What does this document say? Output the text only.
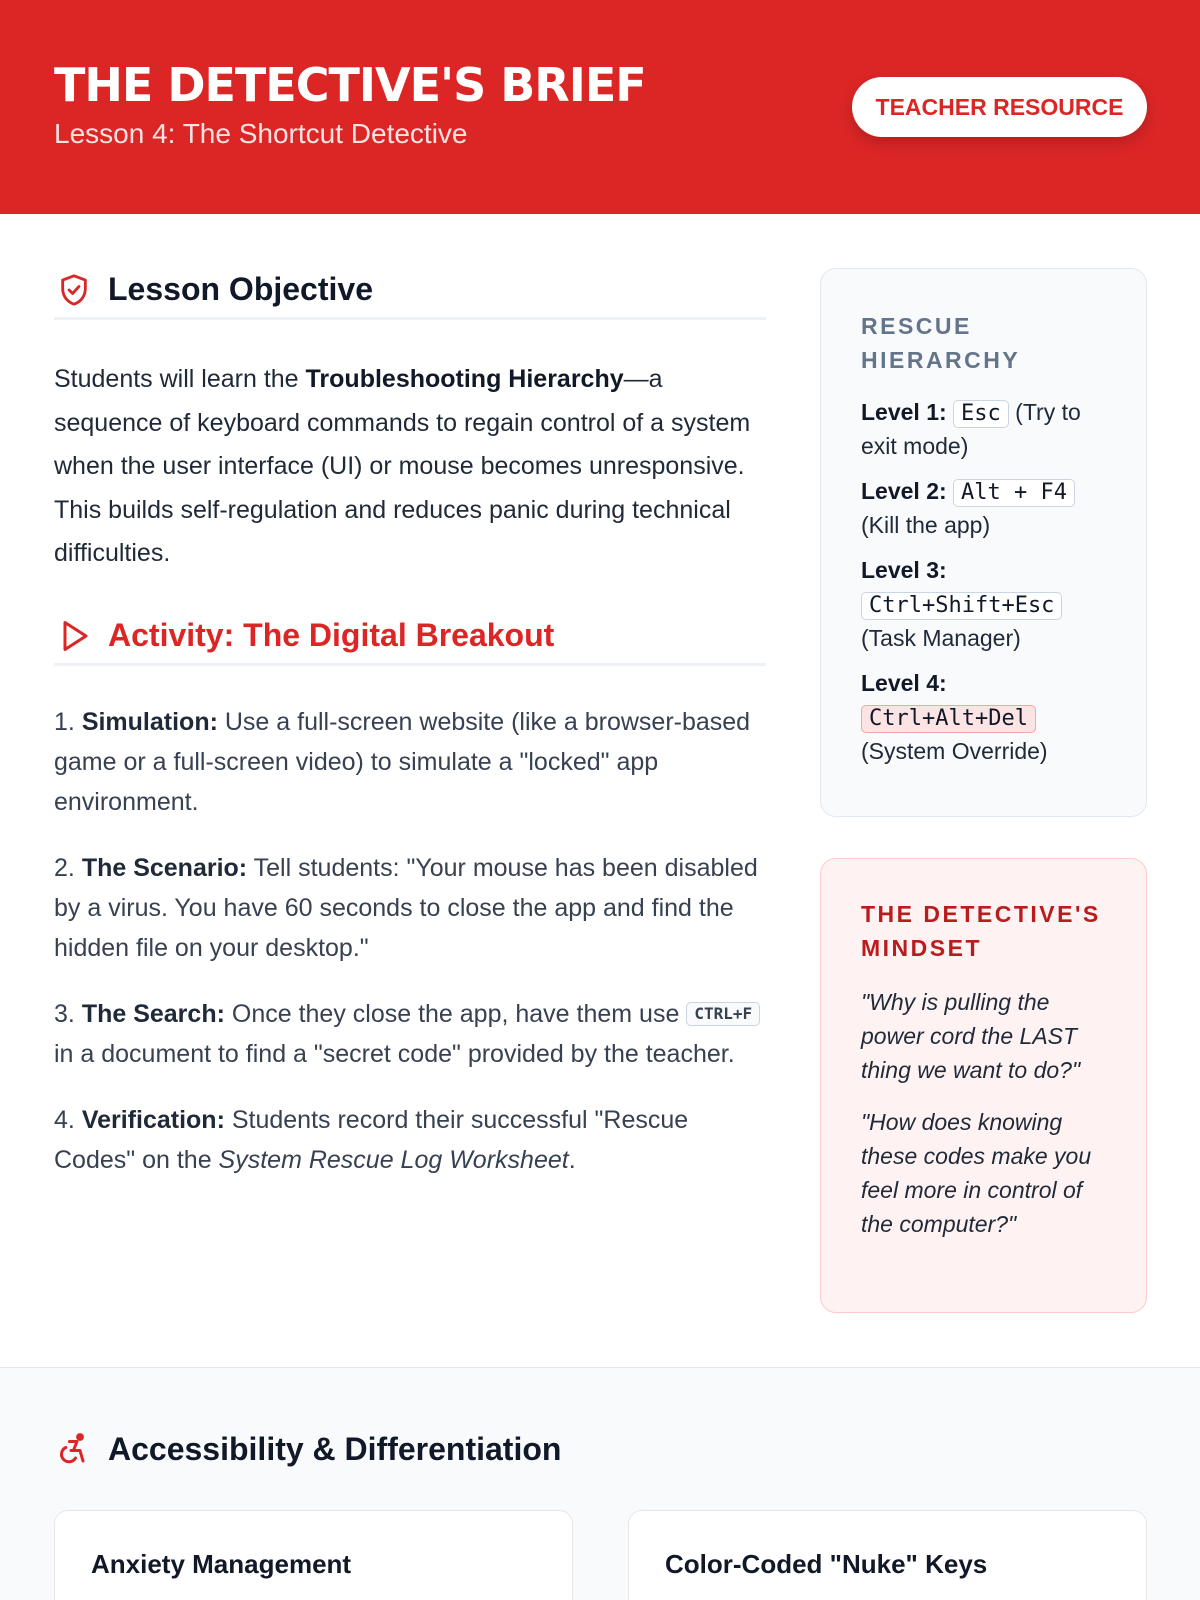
THE DETECTIVE'S BRIEF
Lesson 4: The Shortcut Detective
TEACHER RESOURCE
Lesson Objective
Students will learn the Troubleshooting Hierarchy—a sequence of keyboard commands to regain control of a system when the user interface (UI) or mouse becomes unresponsive. This builds self-regulation and reduces panic during technical difficulties.
Activity: The Digital Breakout
1. Simulation: Use a full-screen website (like a browser-based game or a full-screen video) to simulate a "locked" app environment.
2. The Scenario: Tell students: "Your mouse has been disabled by a virus. You have 60 seconds to close the app and find the hidden file on your desktop."
3. The Search: Once they close the app, have them use CTRL+F in a document to find a "secret code" provided by the teacher.
4. Verification: Students record their successful "Rescue Codes" on the System Rescue Log Worksheet.
RESCUE HIERARCHY
Level 1: Esc (Try to exit mode)
Level 2: Alt + F4
(Kill the app)
Level 3:
Ctrl+Shift+Esc
(Task Manager)
Level 4:
Ctrl+Alt+Del
(System Override)
THE DETECTIVE'S MINDSET
"Why is pulling the power cord the LAST thing we want to do?"
"How does knowing these codes make you feel more in control of the computer?"
Accessibility & Differentiation
Anxiety Management	Color-Coded "Nuke" Keys
